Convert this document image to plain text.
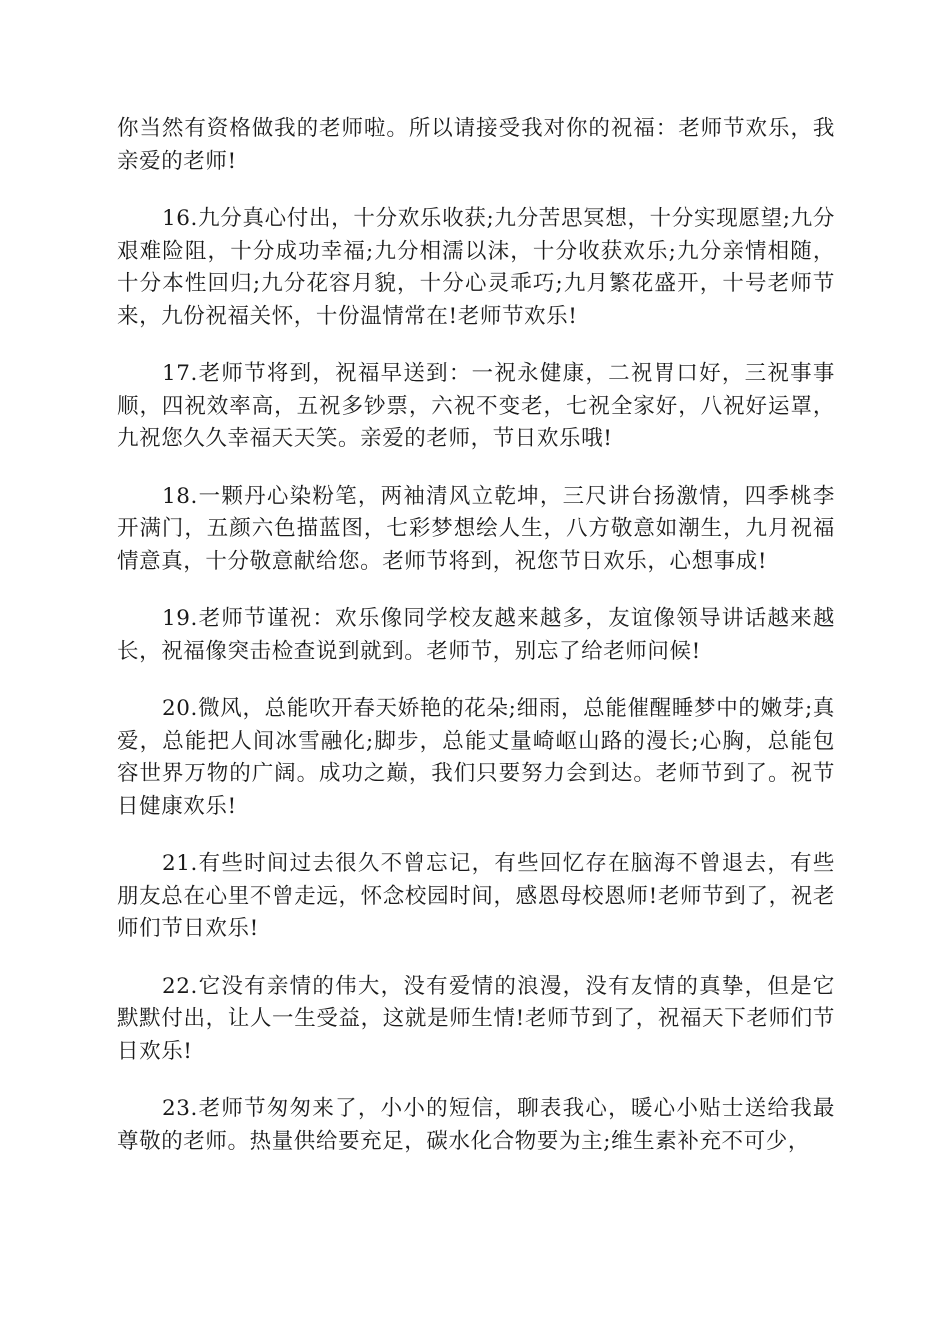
你当然有资格做我的老师啦。所以请接受我对你的祝福：老师节欢乐，我亲爱的老师!

16.九分真心付出，十分欢乐收获;九分苦思冥想，十分实现愿望;九分艰难险阻，十分成功幸福;九分相濡以沫，十分收获欢乐;九分亲情相随，十分本性回归;九分花容月貌，十分心灵乖巧;九月繁花盛开，十号老师节来，九份祝福关怀，十份温情常在!老师节欢乐!

17.老师节将到，祝福早送到：一祝永健康，二祝胃口好，三祝事事顺，四祝效率高，五祝多钞票，六祝不变老，七祝全家好，八祝好运罩，九祝您久久幸福天天笑。亲爱的老师，节日欢乐哦!

18.一颗丹心染粉笔，两袖清风立乾坤，三尺讲台扬激情，四季桃李开满门，五颜六色描蓝图，七彩梦想绘人生，八方敬意如潮生，九月祝福情意真，十分敬意献给您。老师节将到，祝您节日欢乐，心想事成!

19.老师节谨祝：欢乐像同学校友越来越多，友谊像领导讲话越来越长，祝福像突击检查说到就到。老师节，别忘了给老师问候!

20.微风，总能吹开春天娇艳的花朵;细雨，总能催醒睡梦中的嫩芽;真爱，总能把人间冰雪融化;脚步，总能丈量崎岖山路的漫长;心胸，总能包容世界万物的广阔。成功之巅，我们只要努力会到达。老师节到了。祝节日健康欢乐!

21.有些时间过去很久不曾忘记，有些回忆存在脑海不曾退去，有些朋友总在心里不曾走远，怀念校园时间，感恩母校恩师!老师节到了，祝老师们节日欢乐!

22.它没有亲情的伟大，没有爱情的浪漫，没有友情的真挚，但是它默默付出，让人一生受益，这就是师生情!老师节到了，祝福天下老师们节日欢乐!

23.老师节匆匆来了，小小的短信，聊表我心，暖心小贴士送给我最尊敬的老师。热量供给要充足，碳水化合物要为主;维生素补充不可少，
